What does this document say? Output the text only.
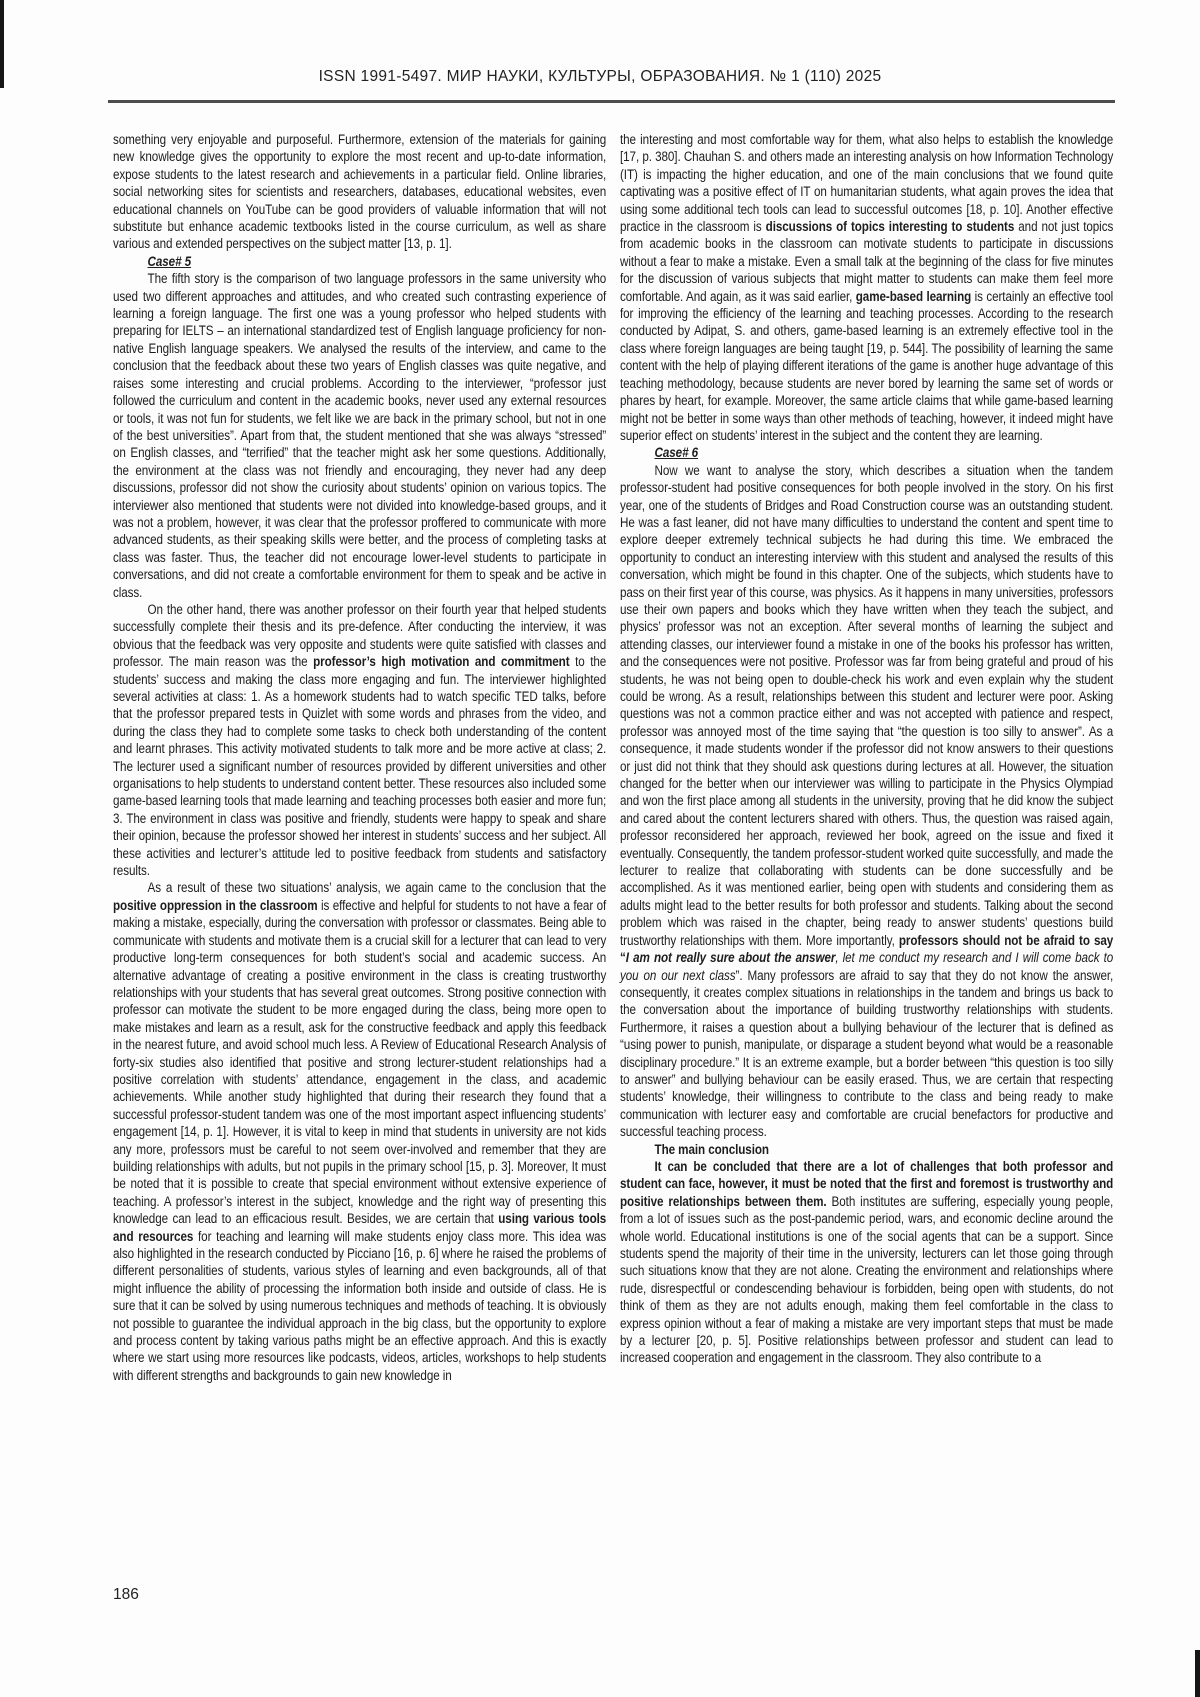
ISSN 1991-5497. МИР НАУКИ, КУЛЬТУРЫ, ОБРАЗОВАНИЯ. № 1 (110) 2025

something very enjoyable and purposeful. Furthermore, extension of the materials for gaining new knowledge gives the opportunity to explore the most recent and up-to-date information, expose students to the latest research and achievements in a particular field. Online libraries, social networking sites for scientists and researchers, databases, educational websites, even educational channels on YouTube can be good providers of valuable information that will not substitute but enhance academic textbooks listed in the course curriculum, as well as share various and extended perspectives on the subject matter [13, p. 1].

Case# 5

The fifth story is the comparison of two language professors in the same university who used two different approaches and attitudes, and who created such contrasting experience of learning a foreign language. The first one was a young professor who helped students with preparing for IELTS – an international standardized test of English language proficiency for non-native English language speakers. We analysed the results of the interview, and came to the conclusion that the feedback about these two years of English classes was quite negative, and raises some interesting and crucial problems. According to the interviewer, “professor just followed the curriculum and content in the academic books, never used any external resources or tools, it was not fun for students, we felt like we are back in the primary school, but not in one of the best universities”. Apart from that, the student mentioned that she was always “stressed” on English classes, and “terrified” that the teacher might ask her some questions. Additionally, the environment at the class was not friendly and encouraging, they never had any deep discussions, professor did not show the curiosity about students’ opinion on various topics. The interviewer also mentioned that students were not divided into knowledge-based groups, and it was not a problem, however, it was clear that the professor proffered to communicate with more advanced students, as their speaking skills were better, and the process of completing tasks at class was faster. Thus, the teacher did not encourage lower-level students to participate in conversations, and did not create a comfortable environment for them to speak and be active in class.

On the other hand, there was another professor on their fourth year that helped students successfully complete their thesis and its pre-defence. After conducting the interview, it was obvious that the feedback was very opposite and students were quite satisfied with classes and professor. The main reason was the professor’s high motivation and commitment to the students’ success and making the class more engaging and fun. The interviewer highlighted several activities at class: 1. As a homework students had to watch specific TED talks, before that the professor prepared tests in Quizlet with some words and phrases from the video, and during the class they had to complete some tasks to check both understanding of the content and learnt phrases. This activity motivated students to talk more and be more active at class; 2. The lecturer used a significant number of resources provided by different universities and other organisations to help students to understand content better. These resources also included some game-based learning tools that made learning and teaching processes both easier and more fun; 3. The environment in class was positive and friendly, students were happy to speak and share their opinion, because the professor showed her interest in students’ success and her subject. All these activities and lecturer’s attitude led to positive feedback from students and satisfactory results.

As a result of these two situations’ analysis, we again came to the conclusion that the positive oppression in the classroom is effective and helpful for students to not have a fear of making a mistake, especially, during the conversation with professor or classmates. Being able to communicate with students and motivate them is a crucial skill for a lecturer that can lead to very productive long-term consequences for both student’s social and academic success. An alternative advantage of creating a positive environment in the class is creating trustworthy relationships with your students that has several great outcomes. Strong positive connection with professor can motivate the student to be more engaged during the class, being more open to make mistakes and learn as a result, ask for the constructive feedback and apply this feedback in the nearest future, and avoid school much less. A Review of Educational Research Analysis of forty-six studies also identified that positive and strong lecturer-student relationships had a positive correlation with students’ attendance, engagement in the class, and academic achievements. While another study highlighted that during their research they found that a successful professor-student tandem was one of the most important aspect influencing students’ engagement [14, p. 1]. However, it is vital to keep in mind that students in university are not kids any more, professors must be careful to not seem over-involved and remember that they are building relationships with adults, but not pupils in the primary school [15, p. 3]. Moreover, It must be noted that it is possible to create that special environment without extensive experience of teaching. A professor’s interest in the subject, knowledge and the right way of presenting this knowledge can lead to an efficacious result. Besides, we are certain that using various tools and resources for teaching and learning will make students enjoy class more. This idea was also highlighted in the research conducted by Picciano [16, p. 6] where he raised the problems of different personalities of students, various styles of learning and even backgrounds, all of that might influence the ability of processing the information both inside and outside of class. He is sure that it can be solved by using numerous techniques and methods of teaching. It is obviously not possible to guarantee the individual approach in the big class, but the opportunity to explore and process content by taking various paths might be an effective approach. And this is exactly where we start using more resources like podcasts, videos, articles, workshops to help students with different strengths and backgrounds to gain new knowledge in

the interesting and most comfortable way for them, what also helps to establish the knowledge [17, p. 380]. Chauhan S. and others made an interesting analysis on how Information Technology (IT) is impacting the higher education, and one of the main conclusions that we found quite captivating was a positive effect of IT on humanitarian students, what again proves the idea that using some additional tech tools can lead to successful outcomes [18, p. 10]. Another effective practice in the classroom is discussions of topics interesting to students and not just topics from academic books in the classroom can motivate students to participate in discussions without a fear to make a mistake. Even a small talk at the beginning of the class for five minutes for the discussion of various subjects that might matter to students can make them feel more comfortable. And again, as it was said earlier, game-based learning is certainly an effective tool for improving the efficiency of the learning and teaching processes. According to the research conducted by Adipat, S. and others, game-based learning is an extremely effective tool in the class where foreign languages are being taught [19, p. 544]. The possibility of learning the same content with the help of playing different iterations of the game is another huge advantage of this teaching methodology, because students are never bored by learning the same set of words or phares by heart, for example. Moreover, the same article claims that while game-based learning might not be better in some ways than other methods of teaching, however, it indeed might have superior effect on students’ interest in the subject and the content they are learning.

Case# 6

Now we want to analyse the story, which describes a situation when the tandem professor-student had positive consequences for both people involved in the story. On his first year, one of the students of Bridges and Road Construction course was an outstanding student. He was a fast leaner, did not have many difficulties to understand the content and spent time to explore deeper extremely technical subjects he had during this time. We embraced the opportunity to conduct an interesting interview with this student and analysed the results of this conversation, which might be found in this chapter. One of the subjects, which students have to pass on their first year of this course, was physics. As it happens in many universities, professors use their own papers and books which they have written when they teach the subject, and physics’ professor was not an exception. After several months of learning the subject and attending classes, our interviewer found a mistake in one of the books his professor has written, and the consequences were not positive. Professor was far from being grateful and proud of his students, he was not being open to double-check his work and even explain why the student could be wrong. As a result, relationships between this student and lecturer were poor. Asking questions was not a common practice either and was not accepted with patience and respect, professor was annoyed most of the time saying that “the question is too silly to answer”. As a consequence, it made students wonder if the professor did not know answers to their questions or just did not think that they should ask questions during lectures at all. However, the situation changed for the better when our interviewer was willing to participate in the Physics Olympiad and won the first place among all students in the university, proving that he did know the subject and cared about the content lecturers shared with others. Thus, the question was raised again, professor reconsidered her approach, reviewed her book, agreed on the issue and fixed it eventually. Consequently, the tandem professor-student worked quite successfully, and made the lecturer to realize that collaborating with students can be done successfully and be accomplished. As it was mentioned earlier, being open with students and considering them as adults might lead to the better results for both professor and students. Talking about the second problem which was raised in the chapter, being ready to answer students’ questions build trustworthy relationships with them. More importantly, professors should not be afraid to say “I am not really sure about the answer, let me conduct my research and I will come back to you on our next class”. Many professors are afraid to say that they do not know the answer, consequently, it creates complex situations in relationships in the tandem and brings us back to the conversation about the importance of building trustworthy relationships with students. Furthermore, it raises a question about a bullying behaviour of the lecturer that is defined as “using power to punish, manipulate, or disparage a student beyond what would be a reasonable disciplinary procedure.” It is an extreme example, but a border between “this question is too silly to answer” and bullying behaviour can be easily erased. Thus, we are certain that respecting students’ knowledge, their willingness to contribute to the class and being ready to make communication with lecturer easy and comfortable are crucial benefactors for productive and successful teaching process.

The main conclusion

It can be concluded that there are a lot of challenges that both professor and student can face, however, it must be noted that the first and foremost is trustworthy and positive relationships between them. Both institutes are suffering, especially young people, from a lot of issues such as the post-pandemic period, wars, and economic decline around the whole world. Educational institutions is one of the social agents that can be a support. Since students spend the majority of their time in the university, lecturers can let those going through such situations know that they are not alone. Creating the environment and relationships where rude, disrespectful or condescending behaviour is forbidden, being open with students, do not think of them as they are not adults enough, making them feel comfortable in the class to express opinion without a fear of making a mistake are very important steps that must be made by a lecturer [20, p. 5]. Positive relationships between professor and student can lead to increased cooperation and engagement in the classroom. They also contribute to a

186
